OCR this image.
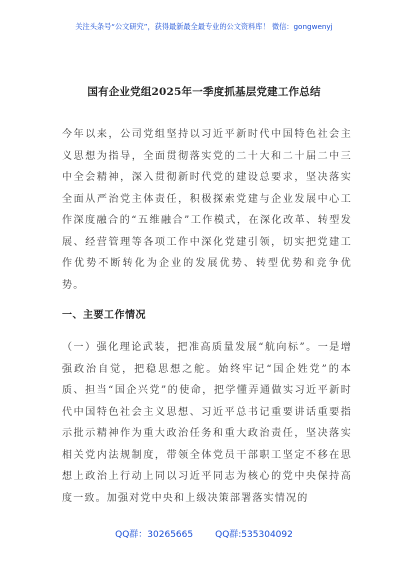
关注头条号“公文研究”，获得最新最全最专业的公文资料库！ 微信：gongwenyj
国有企业党组2025年一季度抓基层党建工作总结
今年以来，公司党组坚持以习近平新时代中国特色社会主义思想为指导，全面贯彻落实党的二十大和二十届二中三中全会精神，深入贯彻新时代党的建设总要求，坚决落实全面从严治党主体责任，积极探索党建与企业发展中心工作深度融合的“五维融合”工作模式，在深化改革、转型发展、经营管理等各项工作中深化党建引领，切实把党建工作优势不断转化为企业的发展优势、转型优势和竞争优势。
一、主要工作情况
（一）强化理论武装，把准高质量发展“航向标”。一是增强政治自觉，把稳思想之舵。始终牢记“国企姓党”的本质、担当“国企兴党”的使命，把学懂弄通做实习近平新时代中国特色社会主义思想、习近平总书记重要讲话重要指示批示精神作为重大政治任务和重大政治责任，坚决落实相关党内法规制度，带领全体党员干部职工坚定不移在思想上政治上行动上同以习近平同志为核心的党中央保持高度一致。加强对党中央和上级决策部署落实情况的
QQ群：30265665 QQ群:535304092
